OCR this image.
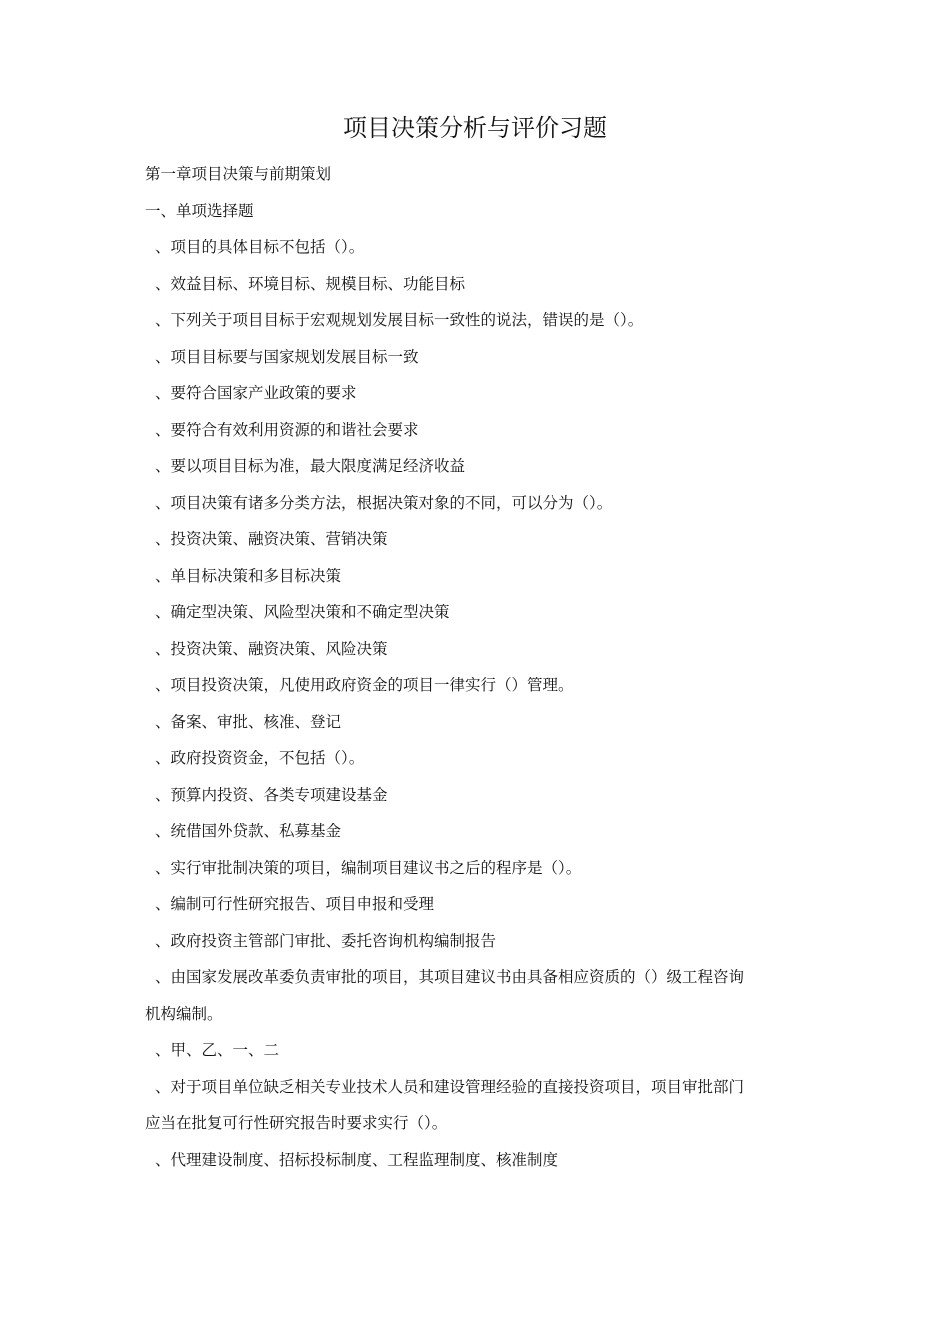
项目决策分析与评价习题

第一章项目决策与前期策划

一、单项选择题

、项目的具体目标不包括（）。

、效益目标、环境目标、规模目标、功能目标

、下列关于项目目标于宏观规划发展目标一致性的说法，错误的是（）。

、项目目标要与国家规划发展目标一致

、要符合国家产业政策的要求

、要符合有效利用资源的和谐社会要求

、要以项目目标为准，最大限度满足经济收益

、项目决策有诸多分类方法，根据决策对象的不同，可以分为（）。

、投资决策、融资决策、营销决策

、单目标决策和多目标决策

、确定型决策、风险型决策和不确定型决策

、投资决策、融资决策、风险决策

、项目投资决策，凡使用政府资金的项目一律实行（）管理。

、备案、审批、核准、登记

、政府投资资金，不包括（）。

、预算内投资、各类专项建设基金

、统借国外贷款、私募基金

、实行审批制决策的项目，编制项目建议书之后的程序是（）。

、编制可行性研究报告、项目申报和受理

、政府投资主管部门审批、委托咨询机构编制报告

、由国家发展改革委负责审批的项目，其项目建议书由具备相应资质的（）级工程咨询

机构编制。

、甲、乙、一、二

、对于项目单位缺乏相关专业技术人员和建设管理经验的直接投资项目，项目审批部门

应当在批复可行性研究报告时要求实行（）。

、代理建设制度、招标投标制度、工程监理制度、核准制度
